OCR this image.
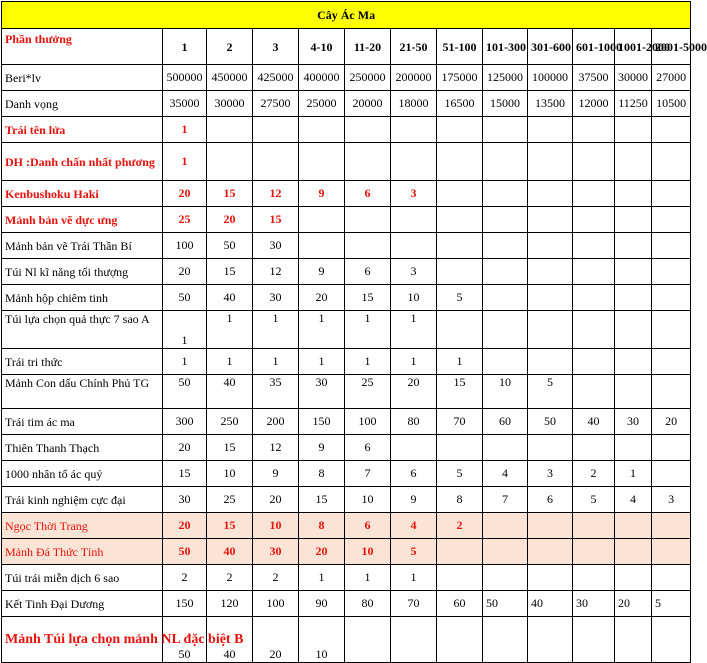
Cây Ác Ma												
Phần thưởng	1	2	3	4-10	11-20	21-50	51-100	101-300	301-600	601-1000	1001-2000	2001-5000
Beri*lv	500000	450000	425000	400000	250000	200000	175000	125000	100000	37500	30000	27000
Danh vọng	35000	30000	27500	25000	20000	18000	16500	15000	13500	12000	11250	10500
Trái tên lửa	1											
DH :Danh chấn nhất phương	1											
Kenbushoku Haki	20	15	12	9	6	3						
Mảnh bản vẽ dực ưng	25	20	15									
Mảnh bản vẽ Trái Thần Bí	100	50	30									
Túi Nl kĩ năng tối thượng	20	15	12	9	6	3						
Mảnh hộp chiêm tinh	50	40	30	20	15	10	5					
Túi lựa chọn quả thực 7 sao A	1	1	1	1	1	1						
Trái tri thức	1	1	1	1	1	1	1					
Mảnh Con dấu Chính Phủ TG	50	40	35	30	25	20	15	10	5			
Trái tim ác ma	300	250	200	150	100	80	70	60	50	40	30	20
Thiên Thanh Thạch	20	15	12	9	6							
1000 nhân tố ác quỷ	15	10	9	8	7	6	5	4	3	2	1	
Trái kinh nghiệm cực đại	30	25	20	15	10	9	8	7	6	5	4	3
Ngọc Thời Trang	20	15	10	8	6	4	2					
Mảnh Đá Thức Tỉnh	50	40	30	20	10	5						
Túi trái miễn dịch 6 sao	2	2	2	1	1	1						
Kết Tinh Đại Dương	150	120	100	90	80	70	60	50	40	30	20	5
Mảnh Túi lựa chọn mảnh NL đặc biệt B	50	40	20	10								
